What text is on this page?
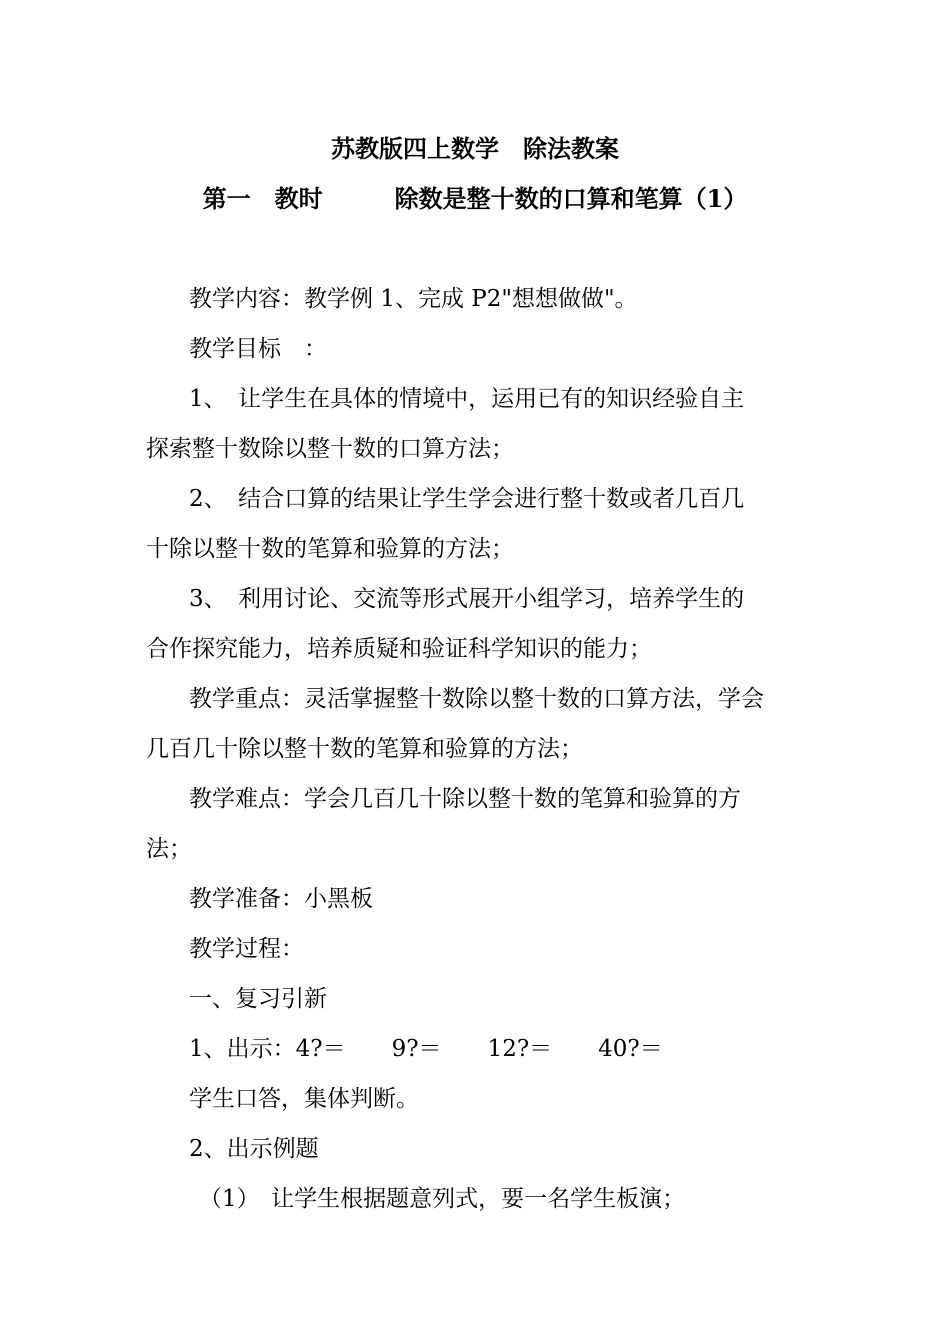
苏教版四上数学　除法教案
第一　教时　　　除数是整十数的口算和笔算（1）
教学内容：教学例 1、完成 P2"想想做做"。
教学目标　：
1、　让学生在具体的情境中，运用已有的知识经验自主
探索整十数除以整十数的口算方法；
2、　结合口算的结果让学生学会进行整十数或者几百几
十除以整十数的笔算和验算的方法；
3、　利用讨论、交流等形式展开小组学习，培养学生的
合作探究能力，培养质疑和验证科学知识的能力；
教学重点：灵活掌握整十数除以整十数的口算方法，学会
几百几十除以整十数的笔算和验算的方法；
教学难点：学会几百几十除以整十数的笔算和验算的方
法；
教学准备：小黑板
教学过程：
一、复习引新
1、出示：4?＝　　9?＝　　12?＝　　40?＝
学生口答，集体判断。
2、出示例题
（1）　让学生根据题意列式，要一名学生板演；
